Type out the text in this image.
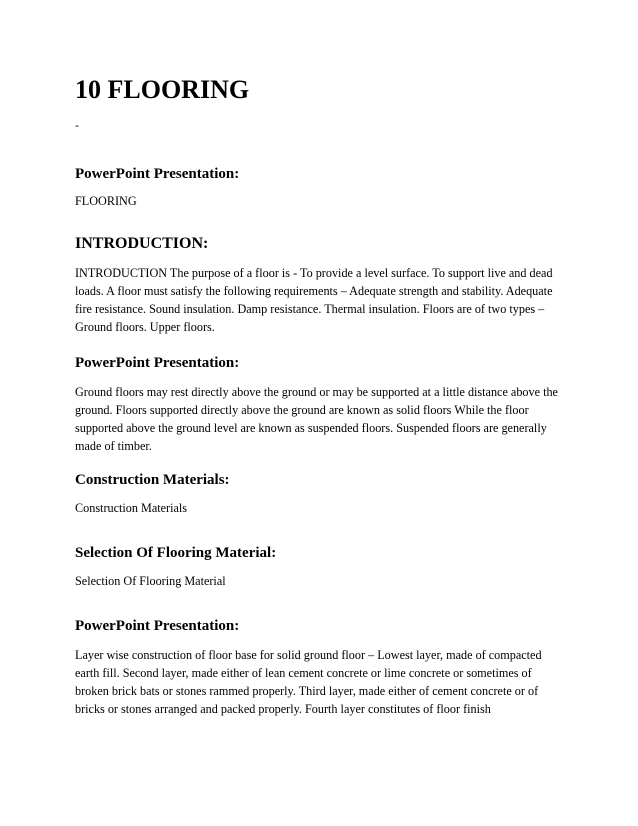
10 FLOORING
-
PowerPoint Presentation:

FLOORING

INTRODUCTION:

INTRODUCTION The purpose of a floor is - To provide a level surface. To support live and dead loads. A floor must satisfy the following requirements – Adequate strength and stability. Adequate fire resistance. Sound insulation. Damp resistance. Thermal insulation. Floors are of two types – Ground floors. Upper floors.

PowerPoint Presentation:

Ground floors may rest directly above the ground or may be supported at a little distance above the ground. Floors supported directly above the ground are known as solid floors While the floor supported above the ground level are known as suspended floors. Suspended floors are generally made of timber.

Construction Materials:

Construction Materials

Selection Of Flooring Material:

Selection Of Flooring Material

PowerPoint Presentation:

Layer wise construction of floor base for solid ground floor – Lowest layer, made of compacted earth fill. Second layer, made either of lean cement concrete or lime concrete or sometimes of broken brick bats or stones rammed properly. Third layer, made either of cement concrete or of bricks or stones arranged and packed properly. Fourth layer constitutes of floor finish
